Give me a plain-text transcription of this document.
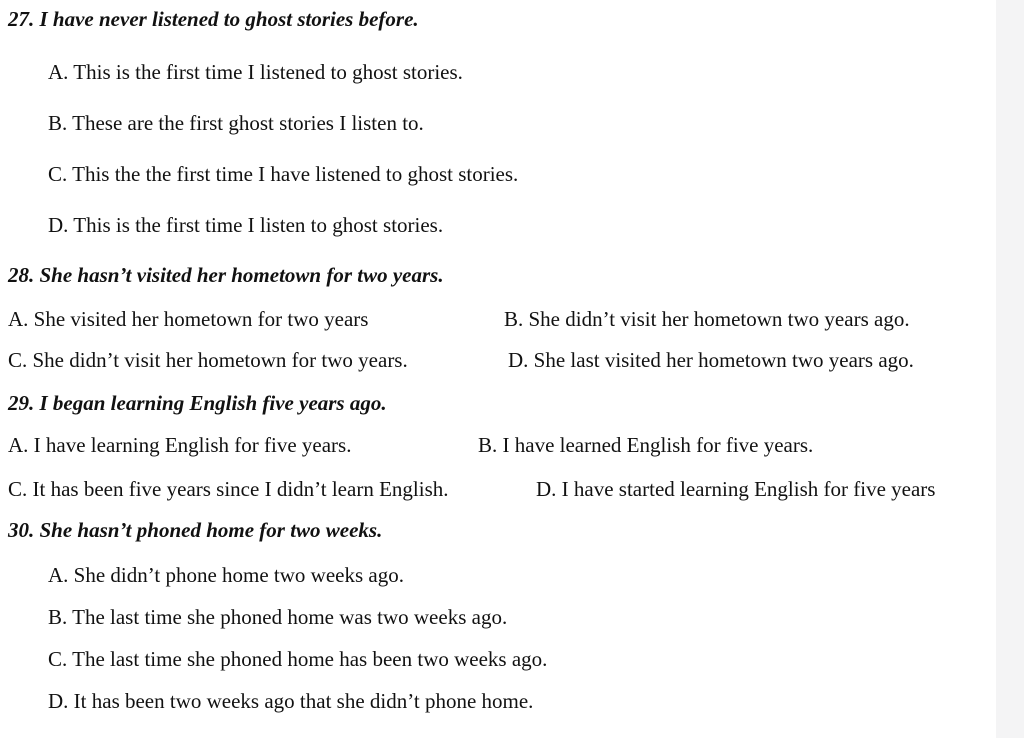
27. I have never listened to ghost stories before.
A. This is the first time I listened to ghost stories.
B. These are the first ghost stories I listen to.
C. This the the first time I have listened to ghost stories.
D. This is the first time I listen to ghost stories.
28. She hasn’t visited her hometown for two years.
A. She visited her hometown for two years	B. She didn’t visit her hometown two years ago.
C. She didn’t visit her hometown for two years.	D. She last visited her hometown two years ago.
29. I began learning English five years ago.
A. I have learning English for five years.	B. I have learned English for five years.
C. It has been five years since I didn’t learn English.	D. I have started learning English for five years
30. She hasn’t phoned home for two weeks.
A. She didn’t phone home two weeks ago.
B. The last time she phoned home was two weeks ago.
C. The last time she phoned home has been two weeks ago.
D. It has been two weeks ago that she didn’t phone home.
